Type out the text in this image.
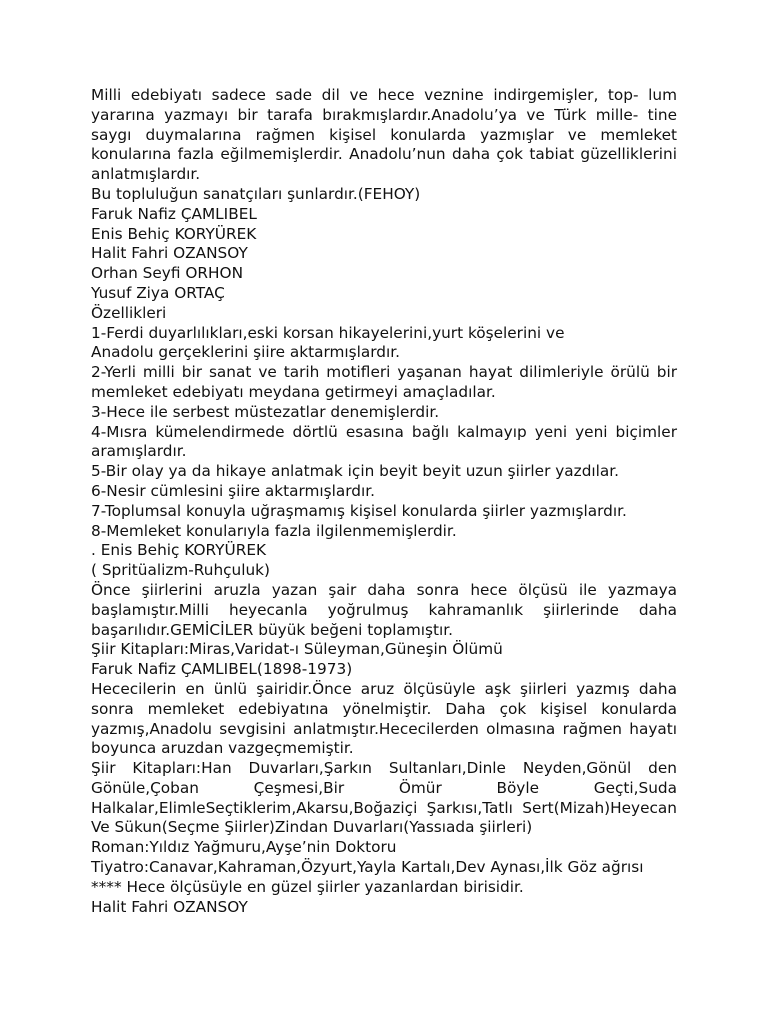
Milli edebiyatı sadece sade dil ve hece veznine indirgemişler, top- lum yararına yazmayı bir tarafa bırakmışlardır.Anadolu’ya ve Türk mille- tine saygı duymalarına rağmen kişisel konularda yazmışlar ve memleket konularına fazla eğilmemişlerdir. Anadolu’nun daha çok tabiat güzelliklerini anlatmışlardır.

Bu topluluğun sanatçıları şunlardır.(FEHOY)

Faruk Nafiz ÇAMLIBEL

Enis Behiç KORYÜREK

Halit Fahri OZANSOY

Orhan Seyfi ORHON

Yusuf Ziya ORTAÇ

Özellikleri

1-Ferdi duyarlılıkları,eski korsan hikayelerini,yurt köşelerini ve

Anadolu gerçeklerini şiire aktarmışlardır.

2-Yerli milli bir sanat ve tarih motifleri yaşanan hayat dilimleriyle örülü bir memleket edebiyatı meydana getirmeyi amaçladılar.

3-Hece ile serbest müstezatlar denemişlerdir.

4-Mısra kümelendirmede dörtlü esasına bağlı kalmayıp yeni yeni biçimler aramışlardır.

5-Bir olay ya da hikaye anlatmak için beyit beyit uzun şiirler yazdılar.

6-Nesir cümlesini şiire aktarmışlardır.

7-Toplumsal konuyla uğraşmamış kişisel konularda şiirler yazmışlardır.

8-Memleket konularıyla fazla ilgilenmemişlerdir.

. Enis Behiç KORYÜREK

( Spritüalizm-Ruhçuluk)

Önce şiirlerini aruzla yazan şair daha sonra hece ölçüsü ile yazmaya başlamıştır.Milli heyecanla yoğrulmuş kahramanlık şiirlerinde daha başarılıdır.GEMİCİLER büyük beğeni toplamıştır.

Şiir Kitapları:Miras,Varidat-ı Süleyman,Güneşin Ölümü

Faruk Nafiz ÇAMLIBEL(1898-1973)

Hececilerin en ünlü şairidir.Önce aruz ölçüsüyle aşk şiirleri yazmış daha sonra memleket edebiyatına yönelmiştir. Daha çok kişisel konularda yazmış,Anadolu sevgisini anlatmıştır.Hececilerden olmasına rağmen hayatı boyunca aruzdan vazgeçmemiştir.

Şiir Kitapları:Han Duvarları,Şarkın Sultanları,Dinle Neyden,Gönül den Gönüle,Çoban Çeşmesi,Bir Ömür Böyle Geçti,Suda Halkalar,ElimleSeçtiklerim,Akarsu,Boğaziçi Şarkısı,Tatlı Sert(Mizah)Heyecan Ve Sükun(Seçme Şiirler)Zindan Duvarları(Yassıada şiirleri)

Roman:Yıldız Yağmuru,Ayşe’nin Doktoru

Tiyatro:Canavar,Kahraman,Özyurt,Yayla Kartalı,Dev Aynası,İlk Göz ağrısı

**** Hece ölçüsüyle en güzel şiirler yazanlardan birisidir.

Halit Fahri OZANSOY
